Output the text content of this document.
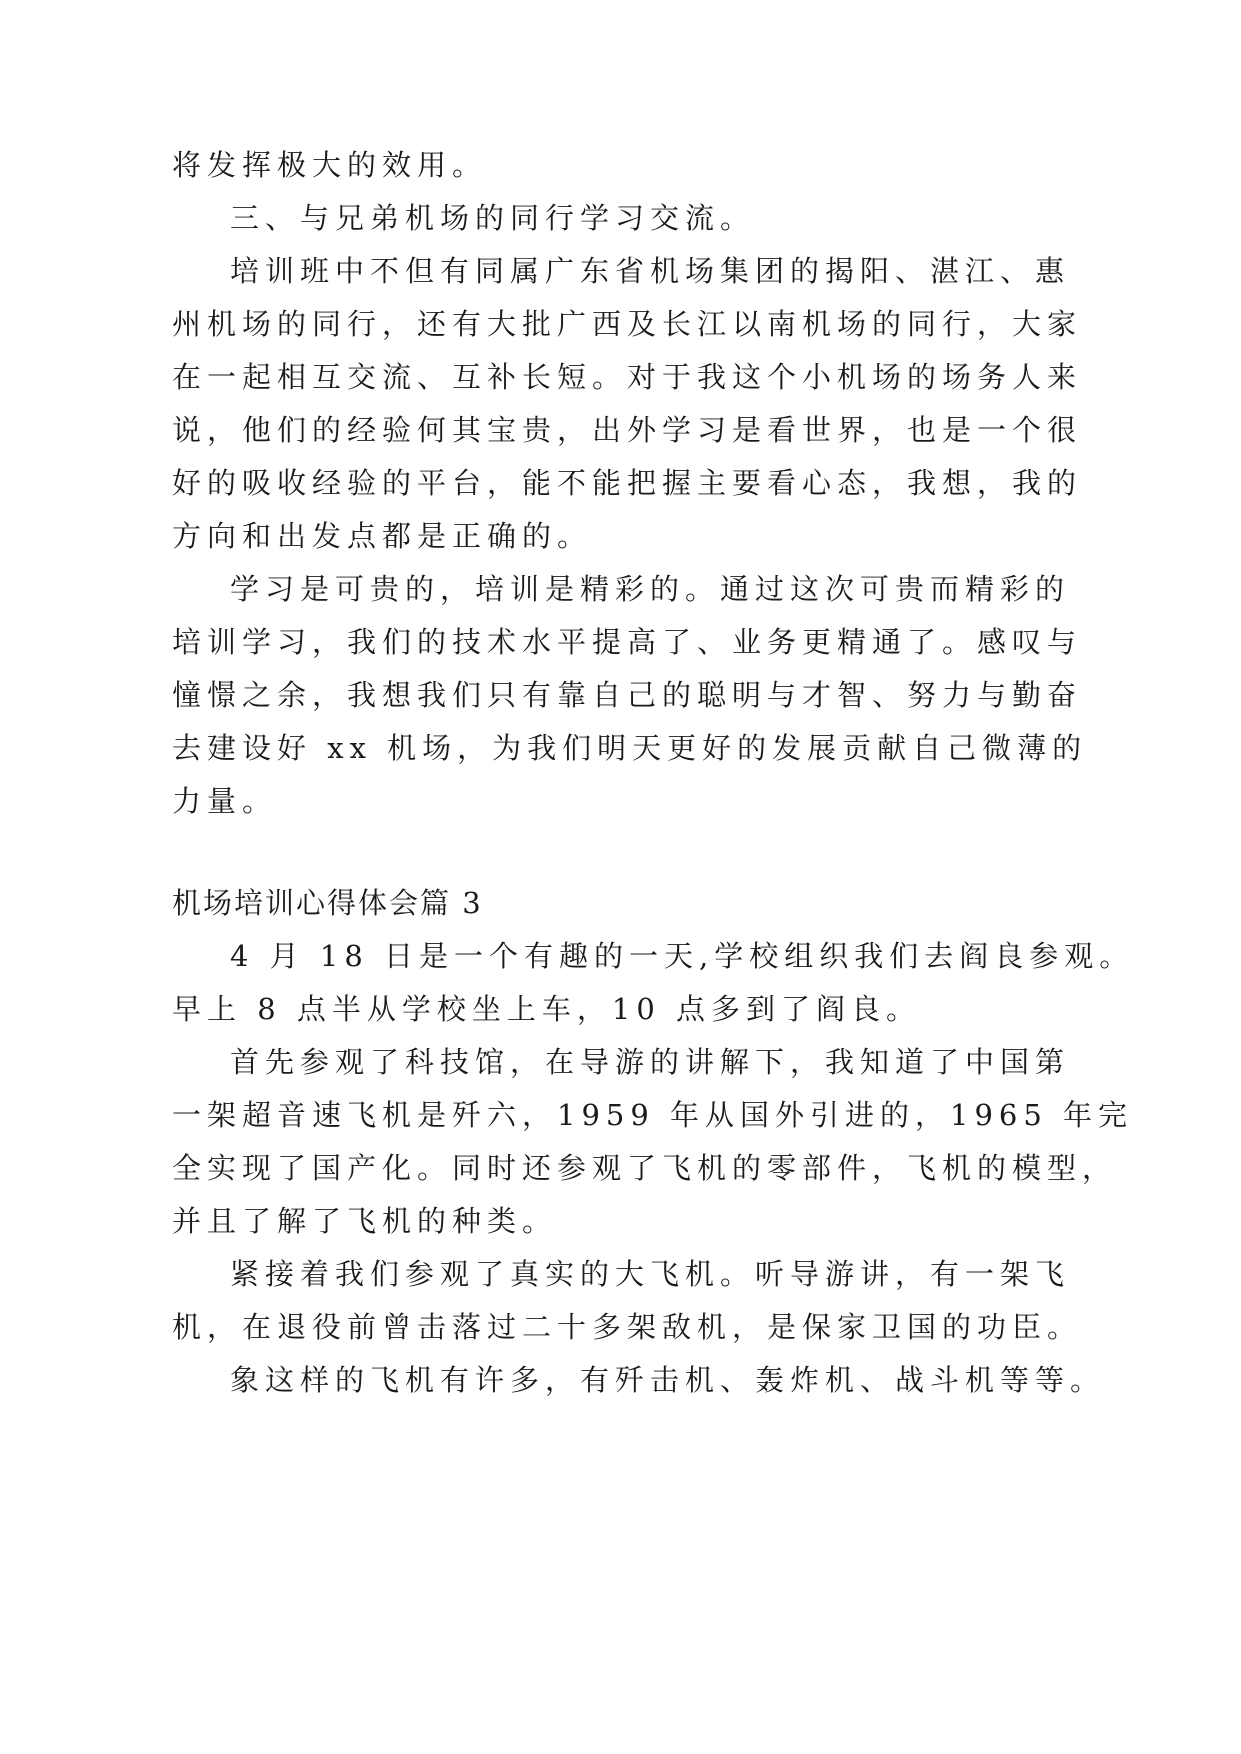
将发挥极大的效用。
三、与兄弟机场的同行学习交流。
培训班中不但有同属广东省机场集团的揭阳、湛江、惠
州机场的同行，还有大批广西及长江以南机场的同行，大家
在一起相互交流、互补长短。对于我这个小机场的场务人来
说，他们的经验何其宝贵，出外学习是看世界，也是一个很
好的吸收经验的平台，能不能把握主要看心态，我想，我的
方向和出发点都是正确的。
学习是可贵的，培训是精彩的。通过这次可贵而精彩的
培训学习，我们的技术水平提高了、业务更精通了。感叹与
憧憬之余，我想我们只有靠自己的聪明与才智、努力与勤奋
去建设好 xx 机场，为我们明天更好的发展贡献自己微薄的
力量。
机场培训心得体会篇 3
4 月 18 日是一个有趣的一天,学校组织我们去阎良参观。
早上 8 点半从学校坐上车，10 点多到了阎良。
首先参观了科技馆，在导游的讲解下，我知道了中国第
一架超音速飞机是歼六，1959 年从国外引进的，1965 年完
全实现了国产化。同时还参观了飞机的零部件，飞机的模型，
并且了解了飞机的种类。
紧接着我们参观了真实的大飞机。听导游讲，有一架飞
机，在退役前曾击落过二十多架敌机，是保家卫国的功臣。
象这样的飞机有许多，有歼击机、轰炸机、战斗机等等。
